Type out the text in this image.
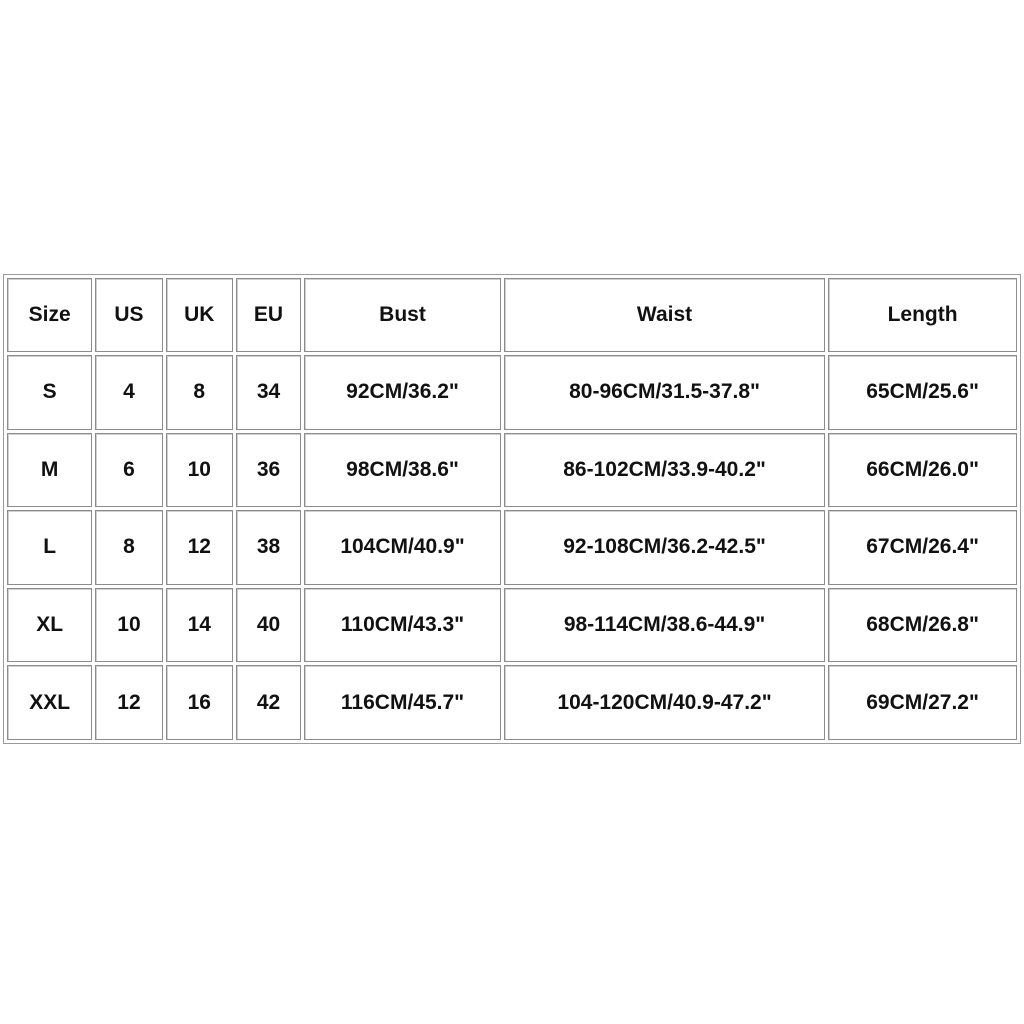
Size	US	UK	EU	Bust	Waist	Length
S	4	8	34	92CM/36.2"	80-96CM/31.5-37.8"	65CM/25.6"
M	6	10	36	98CM/38.6"	86-102CM/33.9-40.2"	66CM/26.0"
L	8	12	38	104CM/40.9"	92-108CM/36.2-42.5"	67CM/26.4"
XL	10	14	40	110CM/43.3"	98-114CM/38.6-44.9"	68CM/26.8"
XXL	12	16	42	116CM/45.7"	104-120CM/40.9-47.2"	69CM/27.2"
